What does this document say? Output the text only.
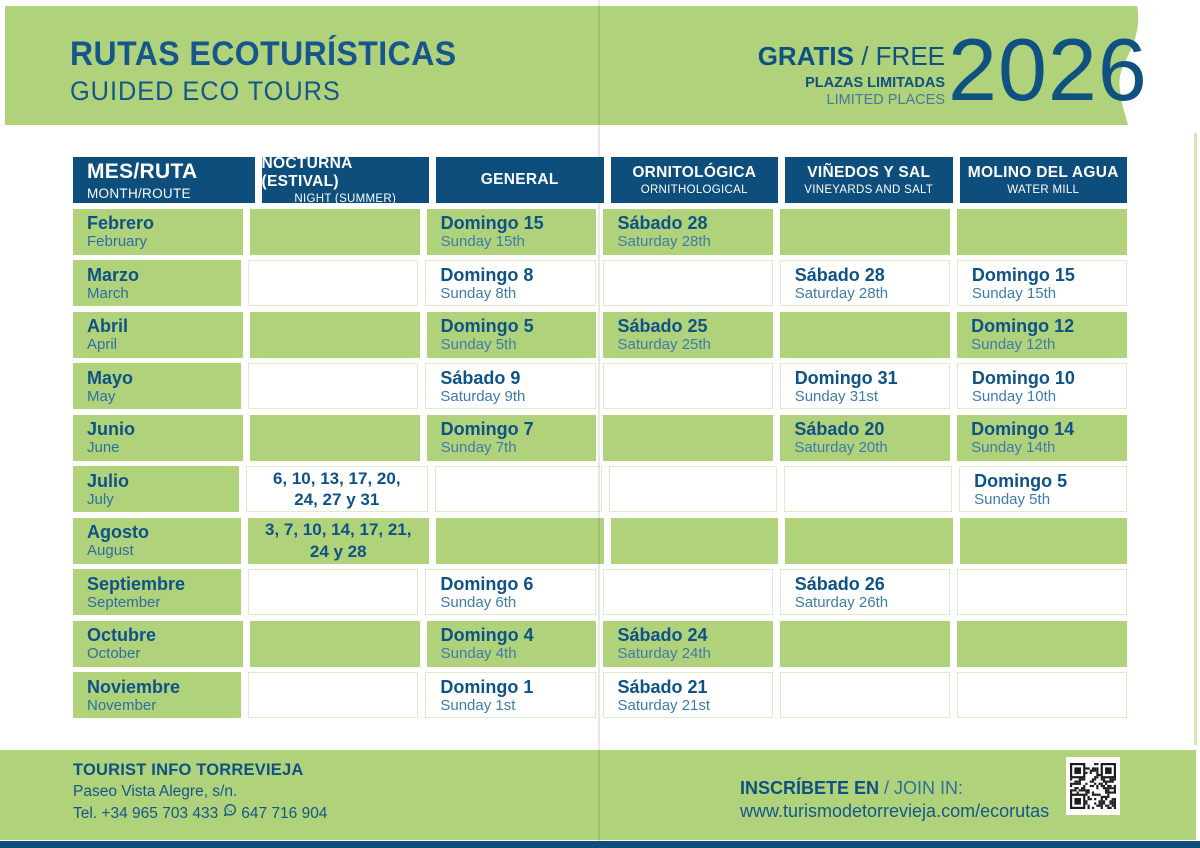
RUTAS ECOTURÍSTICAS
GUIDED ECO TOURS
GRATIS / FREE
PLAZAS LIMITADAS
LIMITED PLACES 2026
MES/RUTA
MONTH/ROUTE
NOCTURNA (ESTIVAL)
NIGHT (SUMMER)
GENERAL	ORNITOLÓGICA
ORNITHOLOGICAL
VIÑEDOS Y SAL
VINEYARDS AND SALT
MOLINO DEL AGUA
WATER MILL
Febrero
February
Domingo 15
Sunday 15th
Sábado 28
Saturday 28th
Marzo
March
Domingo 8
Sunday 8th
Sábado 28
Saturday 28th
Domingo 15
Sunday 15th
Abril
April
Domingo 5
Sunday 5th
Sábado 25
Saturday 25th
Domingo 12
Sunday 12th
Mayo
May
Sábado 9
Saturday 9th
Domingo 31
Sunday 31st
Domingo 10
Sunday 10th
Junio
June
Domingo 7
Sunday 7th
Sábado 20
Saturday 20th
Domingo 14
Sunday 14th
Julio
July
6, 10, 13, 17, 20, 24, 27 y 31
Domingo 5
Sunday 5th
Agosto
August
3, 7, 10, 14, 17, 21, 24 y 28
Septiembre
September
Domingo 6
Sunday 6th
Sábado 26
Saturday 26th
Octubre
October
Domingo 4
Sunday 4th
Sábado 24
Saturday 24th
Noviembre
November
Domingo 1
Sunday 1st
Sábado 21
Saturday 21st
TOURIST INFO TORREVIEJA
Paseo Vista Alegre, s/n.
Tel. +34 965 703 433 647 716 904
INSCRÍBETE EN / JOIN IN:
www.turismodetorrevieja.com/ecorutas
